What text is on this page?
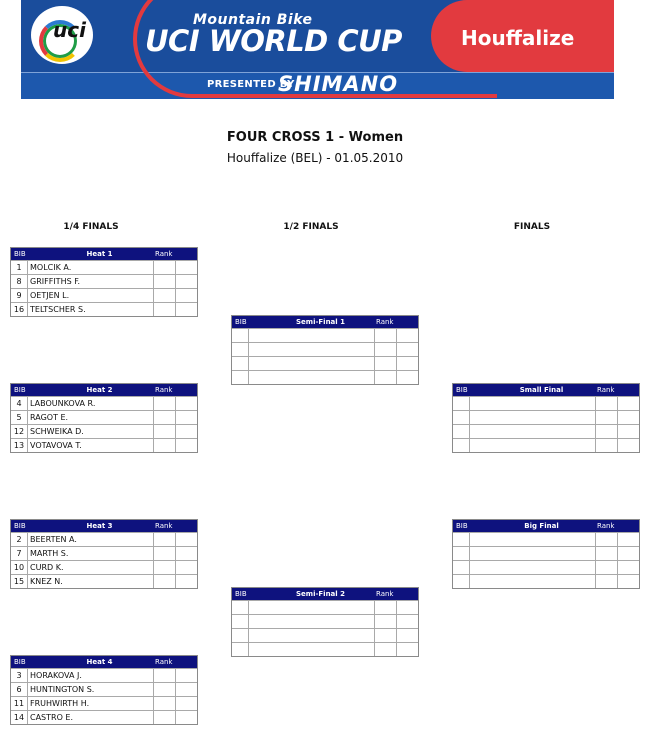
uci	Mountain Bike
UCI WORLD CUP	Houffalize
PRESENTED BY
SHIMANO
FOUR CROSS 1 - Women
Houffalize (BEL) - 01.05.2010
1/4 FINALS	1/2 FINALS	FINALS
BIB	Heat 1	Rank
1	MOLCIK A.
8	GRIFFITHS F.
9	OETJEN L.
16 TELTSCHER S.
BIB	Heat 2	Rank
4	LABOUNKOVA R.
5	RAGOT E.
12 SCHWEIKA D.
13 VOTAVOVA T.
BIB	Heat 3	Rank
2	BEERTEN A.
7	MARTH S.
10 CURD K.
15 KNEZ N.
BIB	Heat 4	Rank
3	HORAKOVA J.
6	HUNTINGTON S.
11 FRUHWIRTH H.
14 CASTRO E.
BIB	Semi-Final 1	Rank
BIB	Semi-Final 2	Rank
BIB	Small Final	Rank
BIB	Big Final	Rank
